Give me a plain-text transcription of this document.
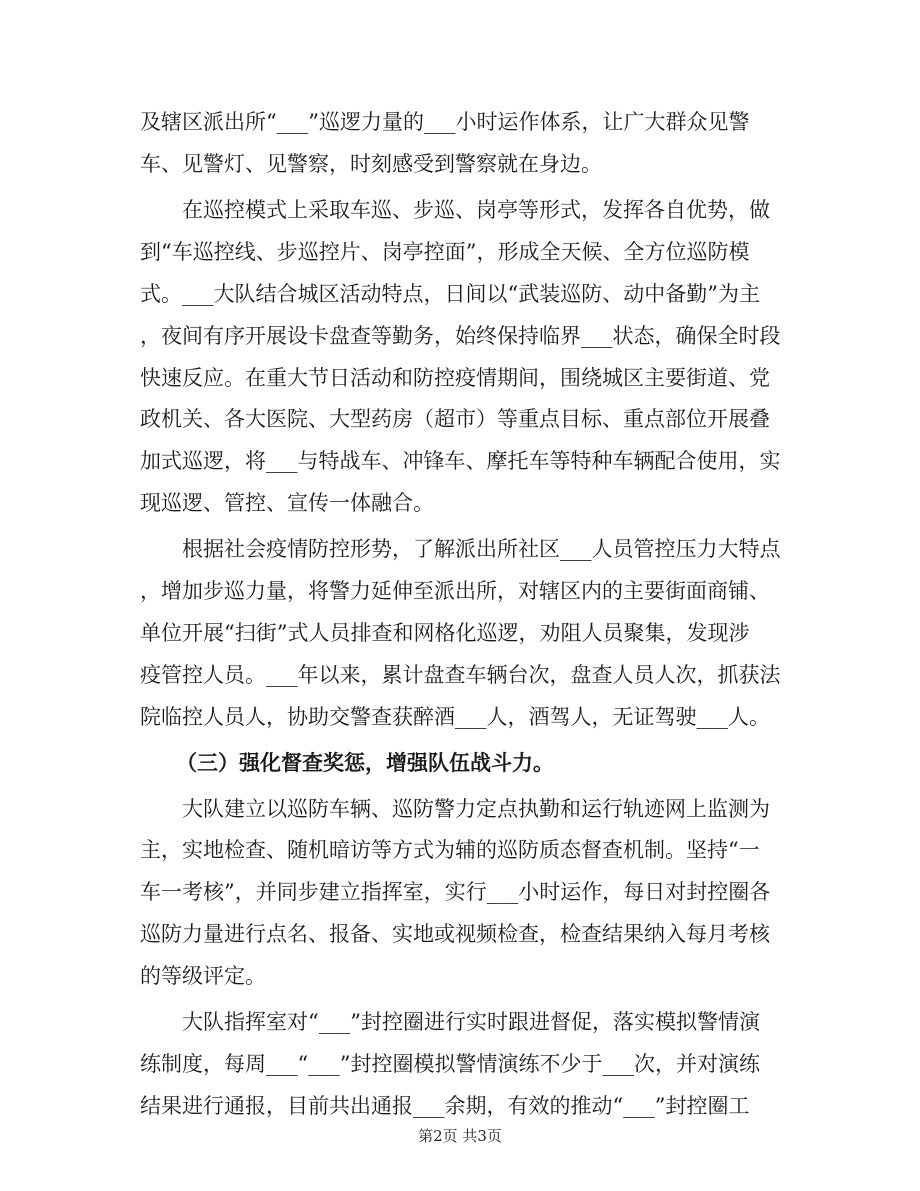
及辖区派出所“___”巡逻力量的___小时运作体系，让广大群众见警
车、见警灯、见警察，时刻感受到警察就在身边。
在巡控模式上采取车巡、步巡、岗亭等形式，发挥各自优势，做
到“车巡控线、步巡控片、岗亭控面”，形成全天候、全方位巡防模
式。___大队结合城区活动特点，日间以“武装巡防、动中备勤”为主
，夜间有序开展设卡盘查等勤务，始终保持临界___状态，确保全时段
快速反应。在重大节日活动和防控疫情期间，围绕城区主要街道、党
政机关、各大医院、大型药房（超市）等重点目标、重点部位开展叠
加式巡逻，将___与特战车、冲锋车、摩托车等特种车辆配合使用，实
现巡逻、管控、宣传一体融合。
根据社会疫情防控形势，了解派出所社区___人员管控压力大特点
，增加步巡力量，将警力延伸至派出所，对辖区内的主要街面商铺、
单位开展“扫街”式人员排查和网格化巡逻，劝阻人员聚集，发现涉
疫管控人员。___年以来，累计盘查车辆台次，盘查人员人次，抓获法
院临控人员人，协助交警查获醉酒___人，酒驾人，无证驾驶___人。
（三）强化督查奖惩，增强队伍战斗力。
大队建立以巡防车辆、巡防警力定点执勤和运行轨迹网上监测为
主，实地检查、随机暗访等方式为辅的巡防质态督查机制。坚持“一
车一考核”，并同步建立指挥室，实行___小时运作，每日对封控圈各
巡防力量进行点名、报备、实地或视频检查，检查结果纳入每月考核
的等级评定。
大队指挥室对“___”封控圈进行实时跟进督促，落实模拟警情演
练制度，每周___“___”封控圈模拟警情演练不少于___次，并对演练
结果进行通报，目前共出通报___余期，有效的推动“___”封控圈工
第2页 共3页
